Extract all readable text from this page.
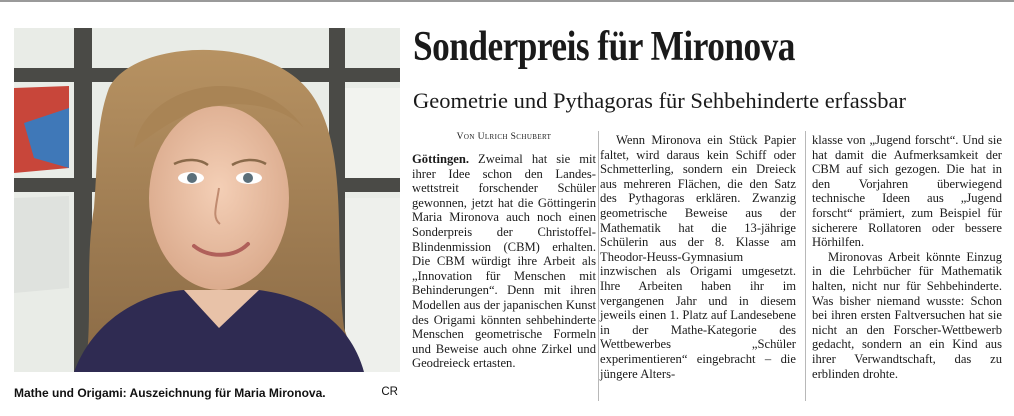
Mathe und Origami: Auszeichnung für Maria Mironova.	CR
Sonderpreis für Mironova
Geometrie und Pythagoras für Sehbehinderte erfassbar
Von Ulrich Schubert
Göttingen. Zweimal hat sie mit ihrer Idee schon den Landeswettstreit forschender Schüler gewonnen, jetzt hat die Göttingerin Maria Mironova auch noch einen Sonderpreis der Christoffel-Blindenmission (CBM) erhalten. Die CBM würdigt ihre Arbeit als „Innovation für Menschen mit Behinderungen“. Denn mit ihren Modellen aus der japanischen Kunst des Origami könnten sehbehinderte Menschen geometrische Formeln und Beweise auch ohne Zirkel und Geodreieck ertasten.
Wenn Mironova ein Stück Papier faltet, wird daraus kein Schiff oder Schmetterling, sondern ein Dreieck aus mehreren Flächen, die den Satz des Pythagoras erklären. Zwanzig geometrische Beweise aus der Mathematik hat die 13-jährige Schülerin aus der 8. Klasse am Theodor-Heuss-Gymnasium inzwischen als Origami umgesetzt. Ihre Arbeiten haben ihr im vergangenen Jahr und in diesem jeweils einen 1. Platz auf Landesebene in der Mathe-Kategorie des Wettbewerbes „Schüler experimentieren“ eingebracht – die jüngere Alters-
klasse von „Jugend forscht“. Und sie hat damit die Aufmerksamkeit der CBM auf sich gezogen. Die hat in den Vorjahren überwiegend technische Ideen aus „Jugend forscht“ prämiert, zum Beispiel für sicherere Rollatoren oder bessere Hörhilfen.
Mironovas Arbeit könnte Einzug in die Lehrbücher für Mathematik halten, nicht nur für Sehbehinderte. Was bisher niemand wusste: Schon bei ihren ersten Faltversuchen hat sie nicht an den Forscher-Wettbewerb gedacht, sondern an ein Kind aus ihrer Verwandtschaft, das zu erblinden drohte.
